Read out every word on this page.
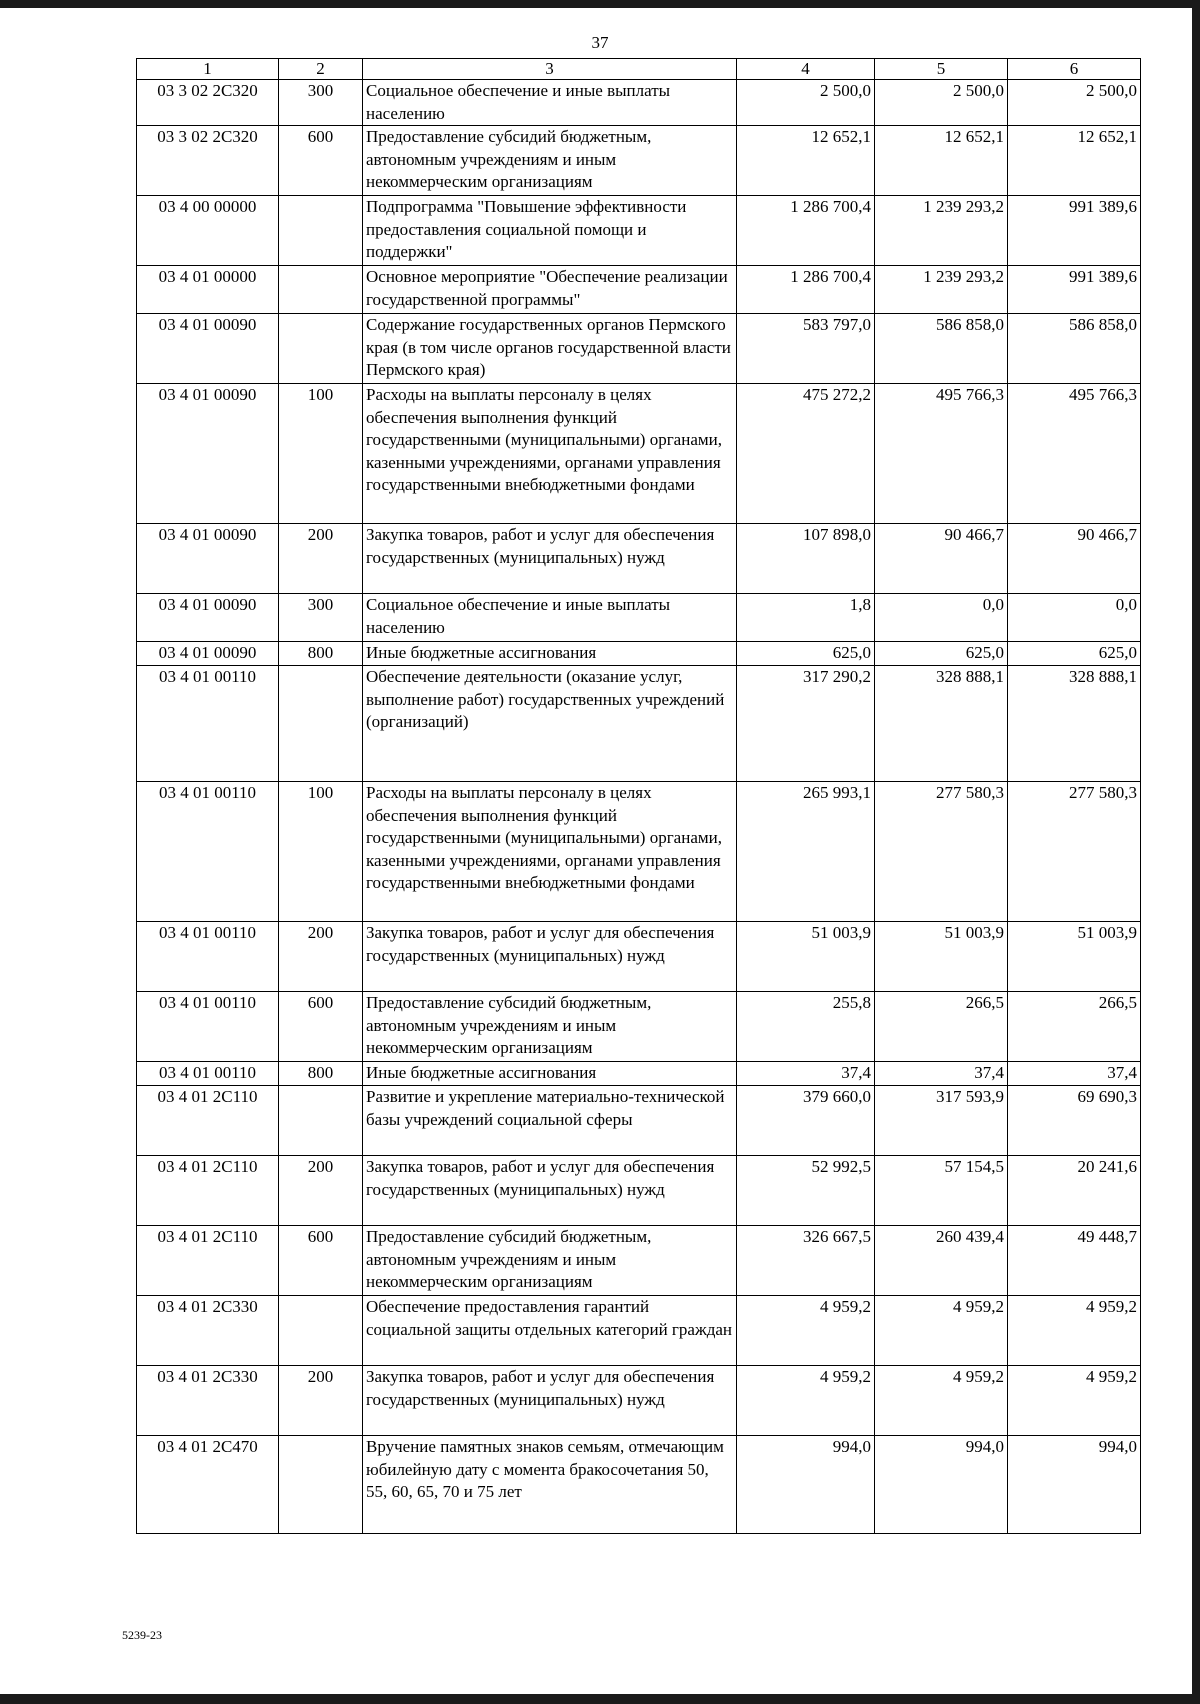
37
1	2	3	4	5	6
03 3 02 2C320	300	Социальное обеспечение и иные выплаты населению	2 500,0	2 500,0	2 500,0
03 3 02 2C320	600	Предоставление субсидий бюджетным, автономным учреждениям и иным некоммерческим организациям	12 652,1	12 652,1	12 652,1
03 4 00 00000		Подпрограмма "Повышение эффективности предоставления социальной помощи и поддержки"	1 286 700,4	1 239 293,2	991 389,6
03 4 01 00000		Основное мероприятие "Обеспечение реализации государственной программы"	1 286 700,4	1 239 293,2	991 389,6
03 4 01 00090		Содержание государственных органов Пермского края (в том числе органов государственной власти Пермского края)	583 797,0	586 858,0	586 858,0
03 4 01 00090	100	Расходы на выплаты персоналу в целях обеспечения выполнения функций государственными (муниципальными) органами, казенными учреждениями, органами управления государственными внебюджетными фондами	475 272,2	495 766,3	495 766,3
03 4 01 00090	200	Закупка товаров, работ и услуг для обеспечения государственных (муниципальных) нужд	107 898,0	90 466,7	90 466,7
03 4 01 00090	300	Социальное обеспечение и иные выплаты населению	1,8	0,0	0,0
03 4 01 00090	800	Иные бюджетные ассигнования	625,0	625,0	625,0
03 4 01 00110		Обеспечение деятельности (оказание услуг, выполнение работ) государственных учреждений (организаций)	317 290,2	328 888,1	328 888,1
03 4 01 00110	100	Расходы на выплаты персоналу в целях обеспечения выполнения функций государственными (муниципальными) органами, казенными учреждениями, органами управления государственными внебюджетными фондами	265 993,1	277 580,3	277 580,3
03 4 01 00110	200	Закупка товаров, работ и услуг для обеспечения государственных (муниципальных) нужд	51 003,9	51 003,9	51 003,9
03 4 01 00110	600	Предоставление субсидий бюджетным, автономным учреждениям и иным некоммерческим организациям	255,8	266,5	266,5
03 4 01 00110	800	Иные бюджетные ассигнования	37,4	37,4	37,4
03 4 01 2C110		Развитие и укрепление материально-технической базы учреждений социальной сферы	379 660,0	317 593,9	69 690,3
03 4 01 2C110	200	Закупка товаров, работ и услуг для обеспечения государственных (муниципальных) нужд	52 992,5	57 154,5	20 241,6
03 4 01 2C110	600	Предоставление субсидий бюджетным, автономным учреждениям и иным некоммерческим организациям	326 667,5	260 439,4	49 448,7
03 4 01 2C330		Обеспечение предоставления гарантий социальной защиты отдельных категорий граждан	4 959,2	4 959,2	4 959,2
03 4 01 2C330	200	Закупка товаров, работ и услуг для обеспечения государственных (муниципальных) нужд	4 959,2	4 959,2	4 959,2
03 4 01 2C470		Вручение памятных знаков семьям, отмечающим юбилейную дату с момента бракосочетания 50, 55, 60, 65, 70 и 75 лет	994,0	994,0	994,0
5239-23
